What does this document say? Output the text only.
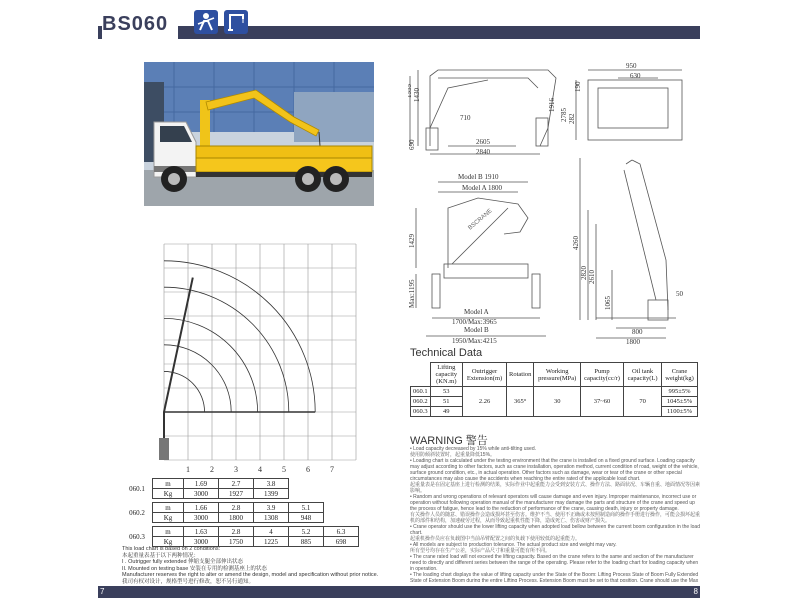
BS060
1	2	3	4	5	6	7
060.1	m	1.69	2.7	3.8		
	Kg	3000	1927	1399		

060.2	m	1.66	2.8	3.9	5.1	
	Kg	3000	1800	1308	948	

060.3	m	1.63	2.8	4	5.2	6.3
	Kg	3000	1750	1225	885	698
This load chart is based on 2 conditions:
本起重量表基于以下两种情况：
I . Outrigger fully extended 伸缩支腿全部伸出状态
II. Mounted on testing base 安装在专用的检测基座上的状态
Manufacturer reserves the right to alter or amend the design, model and specification without prior notice.
我司有权对设计，规格型号进行修改，恕不另行通知。
1555 1430
710
2605
2840
1916
690
950
630
190
2785 282
BSCRANE
Model B 1910
Model A 1800
1429
Max:1195
Model A
1700/Max:3965
Model B
1950/Max:4215
4260
2820 2610
1065
50
800
1800
Technical Data
	Lifting capacity (KN.m)	Outrigger Extension(m)	Rotation	Working pressure(MPa)	Pump capacity(cc/r)	Oil tank capacity(L)	Crane weight(kg)
060.1	53	2.26	365°	30	37~60	70	995±5%
060.2	51						1045±5%
060.3	49						1100±5%
WARNING 警告
• Load capacity decreased by 15% while anti-tilting used.
使用防倾斜装置时，起重量降低15%。
• Loading chart is calculated under the testing environment that the crane is installed on a fixed ground surface. Loading capacity may adjust according to other factors, such as crane installation, operation method, current condition of road, weight of the vehicle, surface ground condition, etc., in actual operation. Other factors such as damage, wear or tear of the crane or other special circumstances may also cause the accidents when reaching the entire rated of the applicable load chart.
起重量表是在固定基座上进行检测的结果，实际作业中起重能力会受到安装方式、操作方法、路面状况、车辆自重、地面情况等因素影响。
• Random and wrong operations of relevant operators will cause damage and even injury. Improper maintenance, incorrect use or operation without following operation manual of the manufacturer may damage the parts and structure of the crane and speed up the process of fatigue, hence lead to the reduction of performance of the crane, causing death, injury or property damage.
有关操作人员的随意、错误操作会造成损坏甚至伤害。维护不当、使用不正确或未按照制造商的操作手册进行操作，可能会损坏起重机的部件和结构，加速疲劳过程，从而导致起重机性能下降，造成死亡、伤害或财产损失。
• Crane operator should use the lower lifting capacity when adopted load bellow between the current boom configuration in the load chart.
起重机操作员应在负载图中当前吊臂配置之间的负载下使用较低的起重能力。
• All models are subject to production tolerance. The actual product size and weight may vary.
所有型号均存在生产公差，实际产品尺寸和重量可能有所不同。
• The crane rated load will not exceed the lifting capacity. Based on the crane refers to the same and section of the manufacturer need to directly and different series between the range of the operating. Please refer to the loading chart for loading capacity when in operation.
• The loading chart displays the value of lifting capacity under the State of the Boom: Lifting Process State of Boom Fully Extended State of Extension Boom during the entire Lifting Process. Extension Boom must be set to that position. Crane should use the Max
7	8
